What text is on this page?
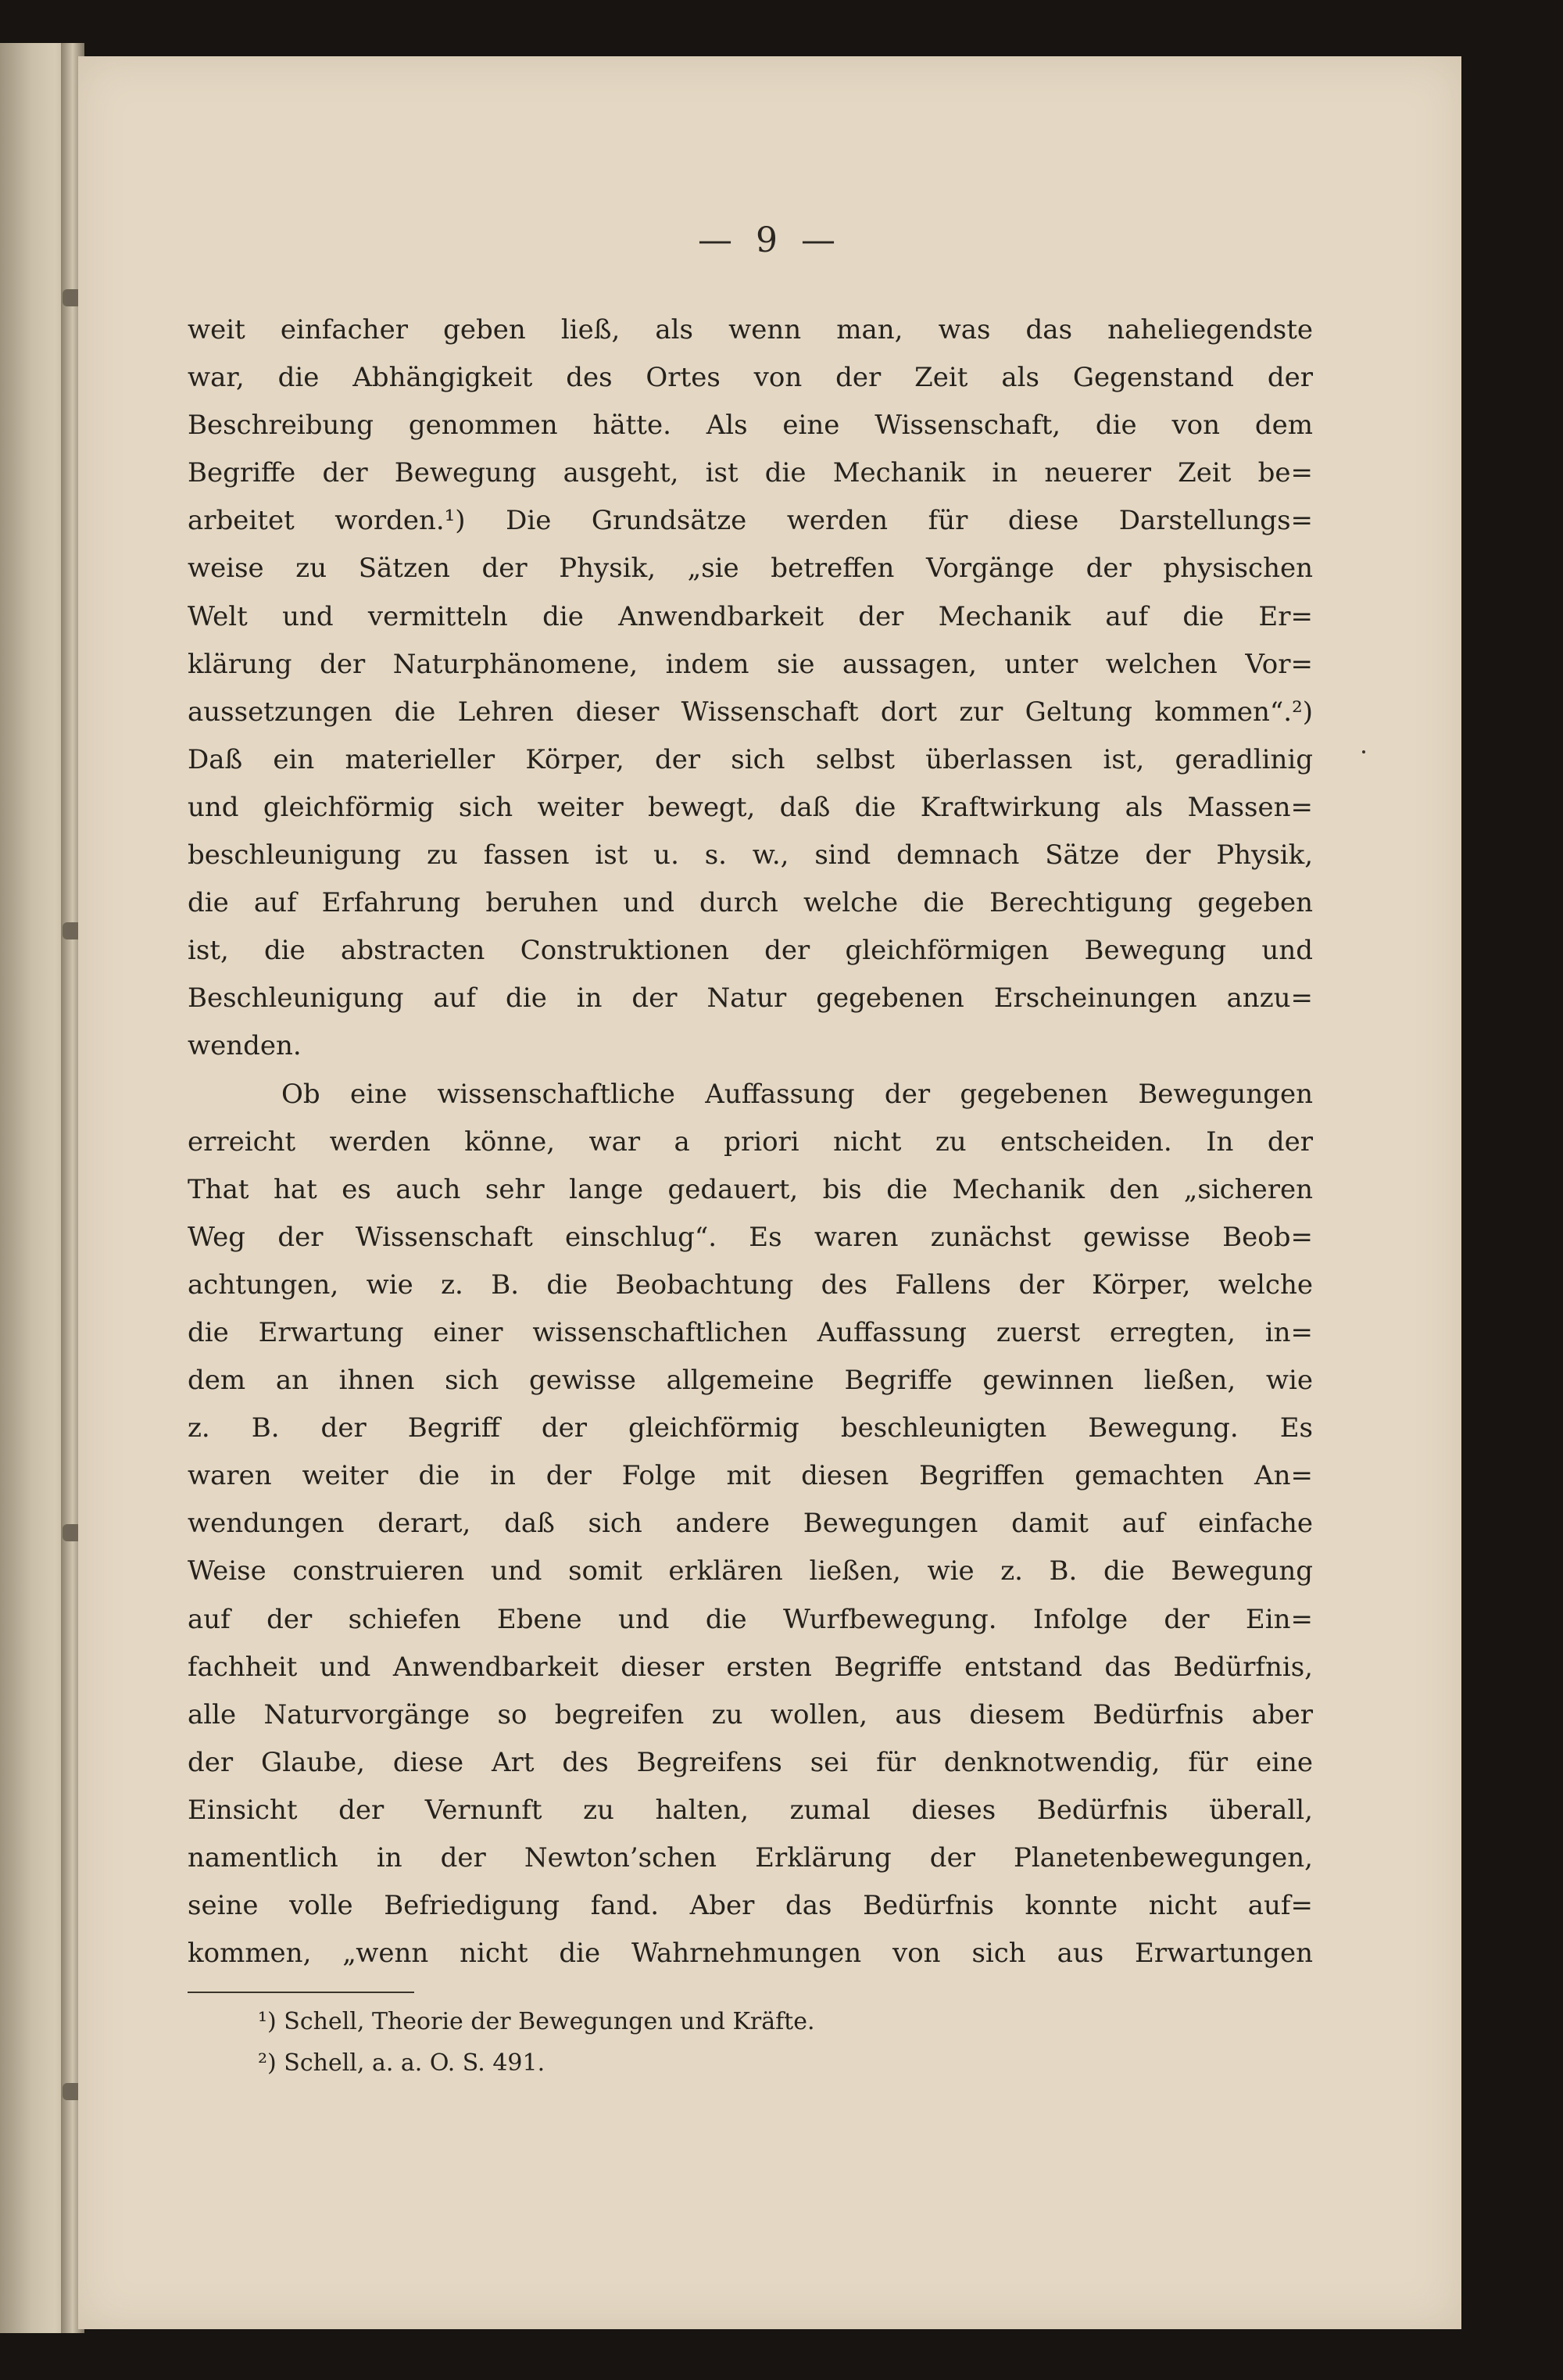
— 9 —
weit einfacher geben ließ, als wenn man, was das naheliegendste
war, die Abhängigkeit des Ortes von der Zeit als Gegenstand der
Beschreibung genommen hätte. Als eine Wissenschaft, die von dem
Begriffe der Bewegung ausgeht, ist die Mechanik in neuerer Zeit be=
arbeitet worden.¹) Die Grundsätze werden für diese Darstellungs=
weise zu Sätzen der Physik, „sie betreffen Vorgänge der physischen
Welt und vermitteln die Anwendbarkeit der Mechanik auf die Er=
klärung der Naturphänomene, indem sie aussagen, unter welchen Vor=
aussetzungen die Lehren dieser Wissenschaft dort zur Geltung kommen“.²)
Daß ein materieller Körper, der sich selbst überlassen ist, geradlinig
und gleichförmig sich weiter bewegt, daß die Kraftwirkung als Massen=
beschleunigung zu fassen ist u. s. w., sind demnach Sätze der Physik,
die auf Erfahrung beruhen und durch welche die Berechtigung gegeben
ist, die abstracten Construktionen der gleichförmigen Bewegung und
Beschleunigung auf die in der Natur gegebenen Erscheinungen anzu=
wenden.
Ob eine wissenschaftliche Auffassung der gegebenen Bewegungen
erreicht werden könne, war a priori nicht zu entscheiden. In der
That hat es auch sehr lange gedauert, bis die Mechanik den „sicheren
Weg der Wissenschaft einschlug“. Es waren zunächst gewisse Beob=
achtungen, wie z. B. die Beobachtung des Fallens der Körper, welche
die Erwartung einer wissenschaftlichen Auffassung zuerst erregten, in=
dem an ihnen sich gewisse allgemeine Begriffe gewinnen ließen, wie
z. B. der Begriff der gleichförmig beschleunigten Bewegung. Es
waren weiter die in der Folge mit diesen Begriffen gemachten An=
wendungen derart, daß sich andere Bewegungen damit auf einfache
Weise construieren und somit erklären ließen, wie z. B. die Bewegung
auf der schiefen Ebene und die Wurfbewegung. Infolge der Ein=
fachheit und Anwendbarkeit dieser ersten Begriffe entstand das Bedürfnis,
alle Naturvorgänge so begreifen zu wollen, aus diesem Bedürfnis aber
der Glaube, diese Art des Begreifens sei für denknotwendig, für eine
Einsicht der Vernunft zu halten, zumal dieses Bedürfnis überall,
namentlich in der Newton’schen Erklärung der Planetenbewegungen,
seine volle Befriedigung fand. Aber das Bedürfnis konnte nicht auf=
kommen, „wenn nicht die Wahrnehmungen von sich aus Erwartungen
¹) Schell, Theorie der Bewegungen und Kräfte.
²) Schell, a. a. O. S. 491.
